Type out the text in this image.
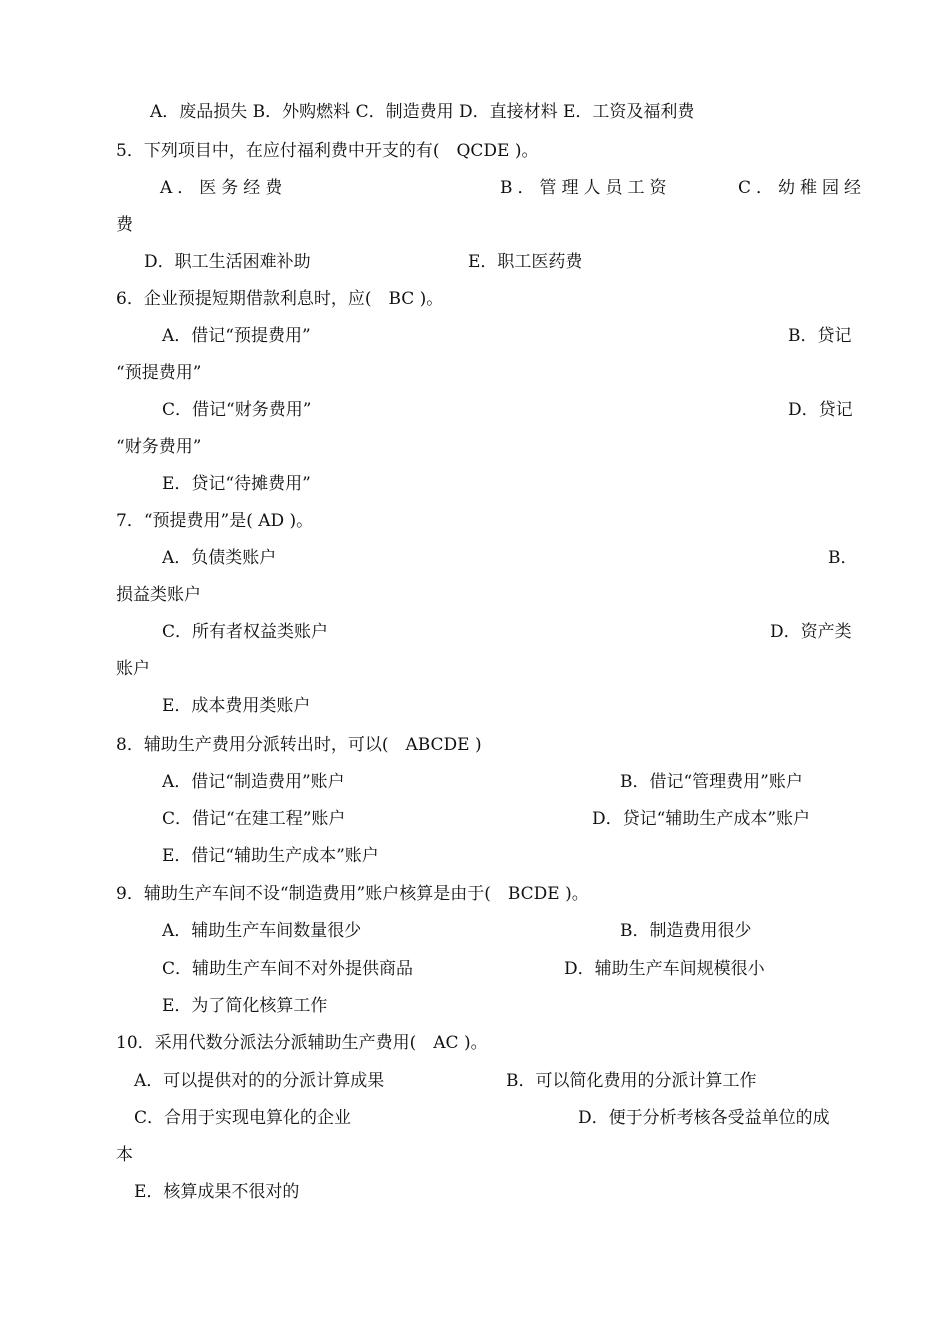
A．废品损失 B．外购燃料 C．制造费用 D．直接材料 E．工资及福利费
5．下列项目中，在应付福利费中开支的有(　QCDE )。
A．医务经费	B．管理人员工资	C．幼稚园经
费
D．职工生活困难补助	E．职工医药费
6．企业预提短期借款利息时，应(　BC )。
A．借记“预提费用”	B．贷记
“预提费用”
C．借记“财务费用”	D．贷记
“财务费用”
E．贷记“待摊费用”
7．“预提费用”是( AD )。
A．负债类账户	B．
损益类账户
C．所有者权益类账户	D．资产类
账户
E．成本费用类账户
8．辅助生产费用分派转出时，可以(　ABCDE )
A．借记“制造费用”账户	B．借记“管理费用”账户
C．借记“在建工程”账户	D．贷记“辅助生产成本”账户
E．借记“辅助生产成本”账户
9．辅助生产车间不设“制造费用”账户核算是由于(　BCDE )。
A．辅助生产车间数量很少	B．制造费用很少
C．辅助生产车间不对外提供商品	D．辅助生产车间规模很小
E．为了简化核算工作
10．采用代数分派法分派辅助生产费用(　AC )。
A．可以提供对的的分派计算成果	B．可以简化费用的分派计算工作
C．合用于实现电算化的企业	D．便于分析考核各受益单位的成
本
E．核算成果不很对的
